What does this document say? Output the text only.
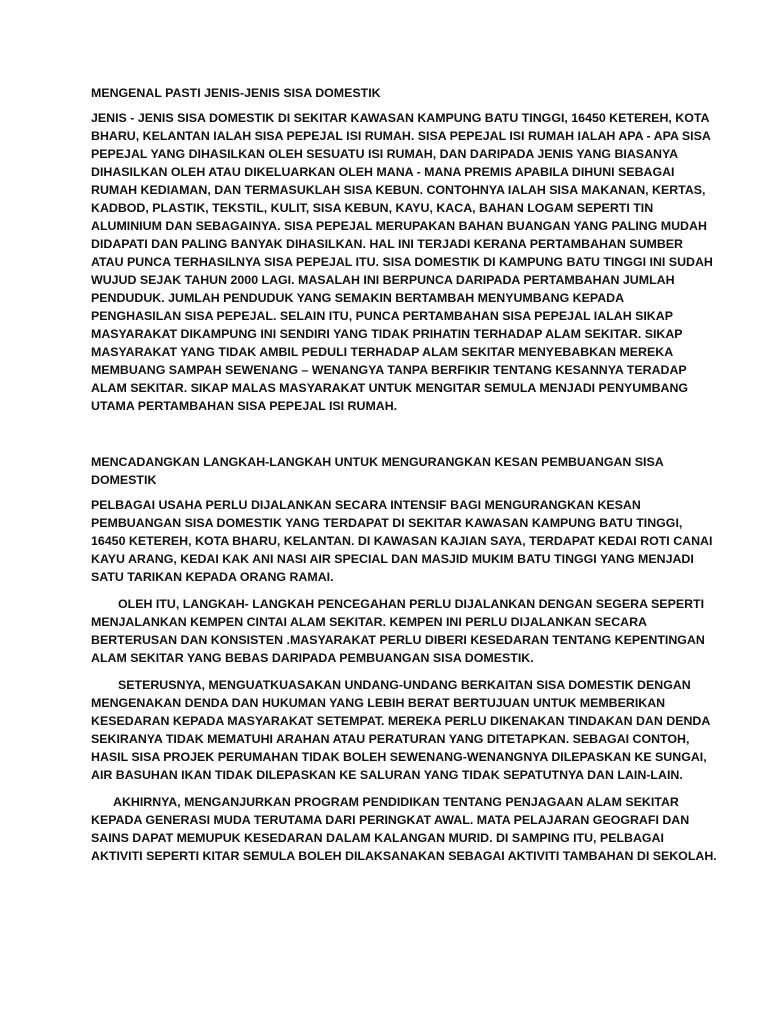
MENGENAL PASTI JENIS-JENIS SISA DOMESTIK
JENIS - JENIS SISA DOMESTIK DI SEKITAR KAWASAN KAMPUNG BATU TINGGI, 16450 KETEREH, KOTA
BHARU, KELANTAN IALAH SISA PEPEJAL ISI RUMAH. SISA PEPEJAL ISI RUMAH IALAH APA - APA SISA
PEPEJAL YANG DIHASILKAN OLEH SESUATU ISI RUMAH, DAN DARIPADA JENIS YANG BIASANYA
DIHASILKAN OLEH ATAU DIKELUARKAN OLEH MANA - MANA PREMIS APABILA DIHUNI SEBAGAI
RUMAH KEDIAMAN, DAN TERMASUKLAH SISA KEBUN. CONTOHNYA IALAH SISA MAKANAN, KERTAS,
KADBOD, PLASTIK, TEKSTIL, KULIT, SISA KEBUN, KAYU, KACA, BAHAN LOGAM SEPERTI TIN
ALUMINIUM DAN SEBAGAINYA. SISA PEPEJAL MERUPAKAN BAHAN BUANGAN YANG PALING MUDAH
DIDAPATI DAN PALING BANYAK DIHASILKAN. HAL INI TERJADI KERANA PERTAMBAHAN SUMBER
ATAU PUNCA TERHASILNYA SISA PEPEJAL ITU. SISA DOMESTIK DI KAMPUNG BATU TINGGI INI SUDAH
WUJUD SEJAK TAHUN 2000 LAGI. MASALAH INI BERPUNCA DARIPADA PERTAMBAHAN JUMLAH
PENDUDUK. JUMLAH PENDUDUK YANG SEMAKIN BERTAMBAH MENYUMBANG KEPADA
PENGHASILAN SISA PEPEJAL. SELAIN ITU, PUNCA PERTAMBAHAN SISA PEPEJAL IALAH SIKAP
MASYARAKAT DIKAMPUNG INI SENDIRI YANG TIDAK PRIHATIN TERHADAP ALAM SEKITAR. SIKAP
MASYARAKAT YANG TIDAK AMBIL PEDULI TERHADAP ALAM SEKITAR MENYEBABKAN MEREKA
MEMBUANG SAMPAH SEWENANG – WENANGYA TANPA BERFIKIR TENTANG KESANNYA TERADAP
ALAM SEKITAR. SIKAP MALAS MASYARAKAT UNTUK MENGITAR SEMULA MENJADI PENYUMBANG
UTAMA PERTAMBAHAN SISA PEPEJAL ISI RUMAH.
MENCADANGKAN LANGKAH-LANGKAH UNTUK MENGURANGKAN KESAN PEMBUANGAN SISA
DOMESTIK
PELBAGAI USAHA PERLU DIJALANKAN SECARA INTENSIF BAGI MENGURANGKAN KESAN
PEMBUANGAN SISA DOMESTIK YANG TERDAPAT DI SEKITAR KAWASAN KAMPUNG BATU TINGGI,
16450 KETEREH, KOTA BHARU, KELANTAN. DI KAWASAN KAJIAN SAYA, TERDAPAT KEDAI ROTI CANAI
KAYU ARANG, KEDAI KAK ANI NASI AIR SPECIAL DAN MASJID MUKIM BATU TINGGI YANG MENJADI
SATU TARIKAN KEPADA ORANG RAMAI.
OLEH ITU, LANGKAH- LANGKAH PENCEGAHAN PERLU DIJALANKAN DENGAN SEGERA SEPERTI
MENJALANKAN KEMPEN CINTAI ALAM SEKITAR. KEMPEN INI PERLU DIJALANKAN SECARA
BERTERUSAN DAN KONSISTEN .MASYARAKAT PERLU DIBERI KESEDARAN TENTANG KEPENTINGAN
ALAM SEKITAR YANG BEBAS DARIPADA PEMBUANGAN SISA DOMESTIK.
SETERUSNYA, MENGUATKUASAKAN UNDANG-UNDANG BERKAITAN SISA DOMESTIK DENGAN
MENGENAKAN DENDA DAN HUKUMAN YANG LEBIH BERAT BERTUJUAN UNTUK MEMBERIKAN
KESEDARAN KEPADA MASYARAKAT SETEMPAT. MEREKA PERLU DIKENAKAN TINDAKAN DAN DENDA
SEKIRANYA TIDAK MEMATUHI ARAHAN ATAU PERATURAN YANG DITETAPKAN. SEBAGAI CONTOH,
HASIL SISA PROJEK PERUMAHAN TIDAK BOLEH SEWENANG-WENANGNYA DILEPASKAN KE SUNGAI,
AIR BASUHAN IKAN TIDAK DILEPASKAN KE SALURAN YANG TIDAK SEPATUTNYA DAN LAIN-LAIN.
AKHIRNYA, MENGANJURKAN PROGRAM PENDIDIKAN TENTANG PENJAGAAN ALAM SEKITAR
KEPADA GENERASI MUDA TERUTAMA DARI PERINGKAT AWAL. MATA PELAJARAN GEOGRAFI DAN
SAINS DAPAT MEMUPUK KESEDARAN DALAM KALANGAN MURID. DI SAMPING ITU, PELBAGAI
AKTIVITI SEPERTI KITAR SEMULA BOLEH DILAKSANAKAN SEBAGAI AKTIVITI TAMBAHAN DI SEKOLAH.
